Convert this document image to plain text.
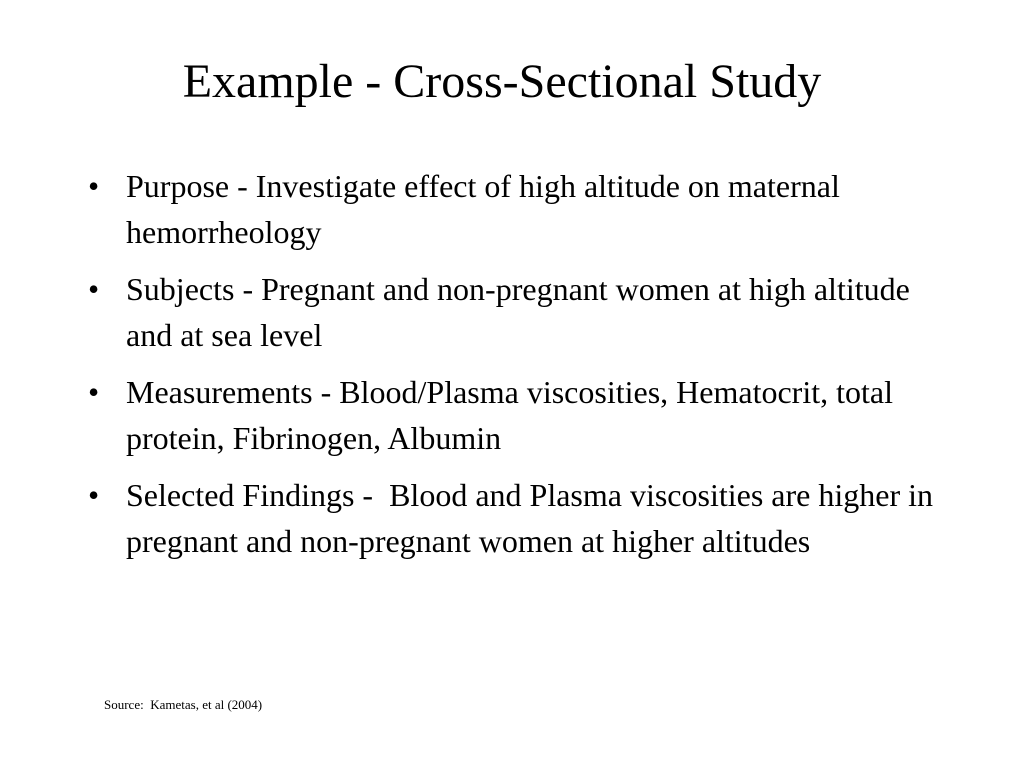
Example - Cross-Sectional Study
• Purpose - Investigate effect of high altitude on maternal hemorrheology
• Subjects - Pregnant and non-pregnant women at high altitude and at sea level
• Measurements - Blood/Plasma viscosities, Hematocrit, total protein, Fibrinogen, Albumin
• Selected Findings -  Blood and Plasma viscosities are higher in pregnant and non-pregnant women at higher altitudes
Source:  Kametas, et al (2004)
